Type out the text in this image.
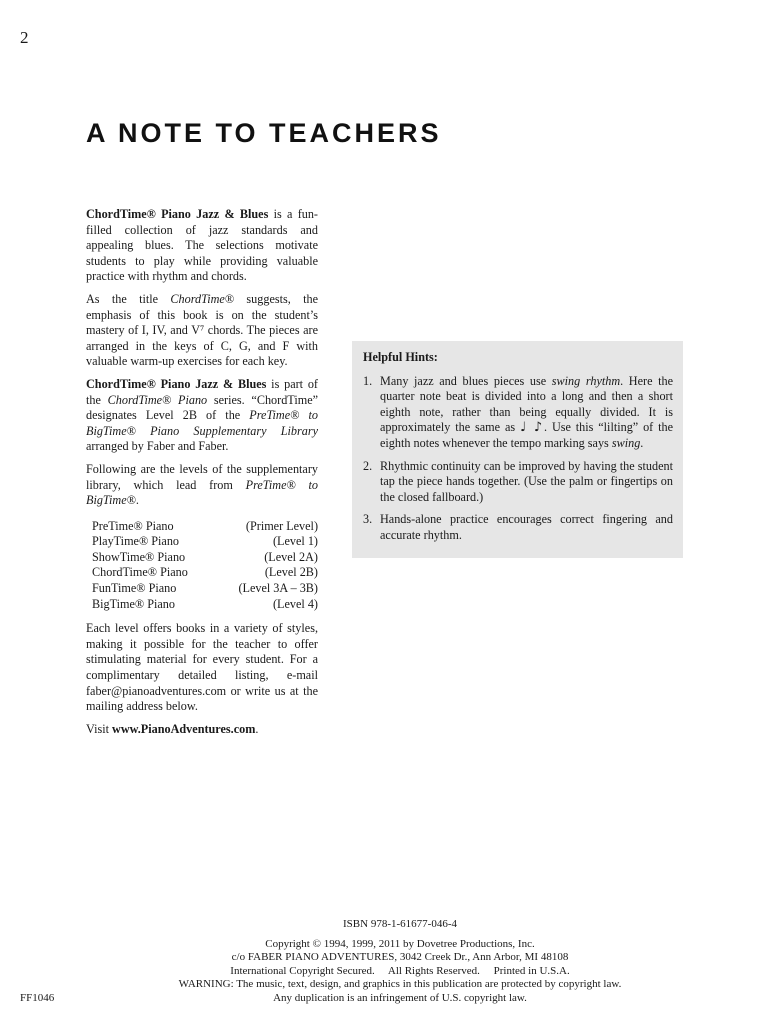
2
A NOTE TO TEACHERS

ChordTime® Piano Jazz & Blues is a fun-filled collection of jazz standards and appealing blues. The selections motivate students to play while providing valuable practice with rhythm and chords.

As the title ChordTime® suggests, the emphasis of this book is on the student’s mastery of I, IV, and V⁷ chords. The pieces are arranged in the keys of C, G, and F with valuable warm-up exercises for each key.

ChordTime® Piano Jazz & Blues is part of the ChordTime® Piano series. “ChordTime” designates Level 2B of the PreTime® to BigTime® Piano Supplementary Library arranged by Faber and Faber.

Following are the levels of the supplementary library, which lead from PreTime® to BigTime®.

PreTime® Piano	(Primer Level)
PlayTime® Piano	(Level 1)
ShowTime® Piano	(Level 2A)
ChordTime® Piano	(Level 2B)
FunTime® Piano	(Level 3A – 3B)
BigTime® Piano	(Level 4)

Each level offers books in a variety of styles, making it possible for the teacher to offer stimulating material for every student. For a complimentary detailed listing, e-mail faber@pianoadventures.com or write us at the mailing address below.

Visit www.PianoAdventures.com.

Helpful Hints:
1. Many jazz and blues pieces use swing rhythm. Here the quarter note beat is divided into a long and then a short eighth note, rather than being equally divided. It is approximately the same as ♩ ♪. Use this “lilting” of the eighth notes whenever the tempo marking says swing.
2. Rhythmic continuity can be improved by having the student tap the piece hands together. (Use the palm or fingertips on the closed fallboard.)
3. Hands-alone practice encourages correct fingering and accurate rhythm.
ISBN 978-1-61677-046-4
Copyright © 1994, 1999, 2011 by Dovetree Productions, Inc.
c/o FABER PIANO ADVENTURES, 3042 Creek Dr., Ann Arbor, MI 48108
International Copyright Secured.     All Rights Reserved.     Printed in U.S.A.
WARNING: The music, text, design, and graphics in this publication are protected by copyright law.
Any duplication is an infringement of U.S. copyright law.
FF1046
